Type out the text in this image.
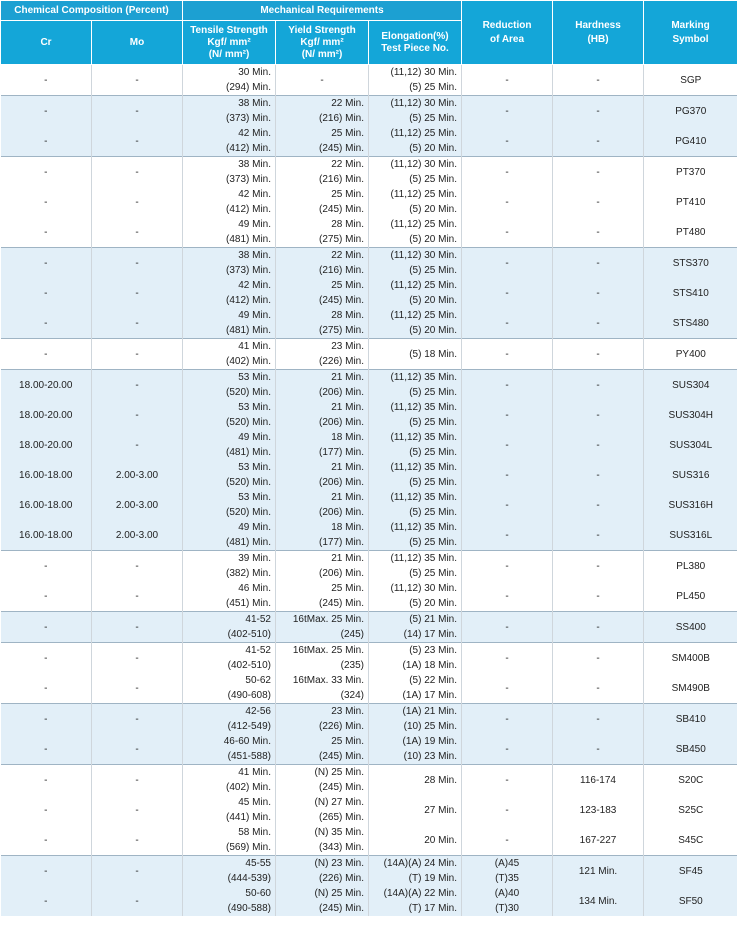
Chemical Composition (Percent)		Mechanical Requirements			Reduction
of Area	Hardness
(HB)	Marking
Symbol

Cr	Mo	Tensile Strength
Kgf/ mm²
(N/ mm²)	Yield Strength
Kgf/ mm²
(N/ mm²)	Elongation(%)
Test Piece No.			

-	-	30 Min.	-	(11,12) 30 Min.	-	-	SGP
		(294) Min.		(5) 25 Min.			
-	-	38 Min.	22 Min.	(11,12) 30 Min.	-	-	PG370
		(373) Min.	(216) Min.	(5) 25 Min.			
-	-	42 Min.	25 Min.	(11,12) 25 Min.	-	-	PG410
		(412) Min.	(245) Min.	(5) 20 Min.			
-	-	38 Min.	22 Min.	(11,12) 30 Min.	-	-	PT370
		(373) Min.	(216) Min.	(5) 25 Min.			
-	-	42 Min.	25 Min.	(11,12) 25 Min.	-	-	PT410
		(412) Min.	(245) Min.	(5) 20 Min.			
-	-	49 Min.	28 Min.	(11,12) 25 Min.	-	-	PT480
		(481) Min.	(275) Min.	(5) 20 Min.			
-	-	38 Min.	22 Min.	(11,12) 30 Min.	-	-	STS370
		(373) Min.	(216) Min.	(5) 25 Min.			
-	-	42 Min.	25 Min.	(11,12) 25 Min.	-	-	STS410
		(412) Min.	(245) Min.	(5) 20 Min.			
-	-	49 Min.	28 Min.	(11,12) 25 Min.	-	-	STS480
		(481) Min.	(275) Min.	(5) 20 Min.			
-	-	41 Min.	23 Min.	(5) 18 Min.	-	-	PY400
		(402) Min.	(226) Min.				
18.00-20.00	-	53 Min.	21 Min.	(11,12) 35 Min.	-	-	SUS304
		(520) Min.	(206) Min.	(5) 25 Min.			
18.00-20.00	-	53 Min.	21 Min.	(11,12) 35 Min.	-	-	SUS304H
		(520) Min.	(206) Min.	(5) 25 Min.			
18.00-20.00	-	49 Min.	18 Min.	(11,12) 35 Min.	-	-	SUS304L
		(481) Min.	(177) Min.	(5) 25 Min.			
16.00-18.00	2.00-3.00	53 Min.	21 Min.	(11,12) 35 Min.	-	-	SUS316
		(520) Min.	(206) Min.	(5) 25 Min.			
16.00-18.00	2.00-3.00	53 Min.	21 Min.	(11,12) 35 Min.	-	-	SUS316H
		(520) Min.	(206) Min.	(5) 25 Min.			
16.00-18.00	2.00-3.00	49 Min.	18 Min.	(11,12) 35 Min.	-	-	SUS316L
		(481) Min.	(177) Min.	(5) 25 Min.			
-	-	39 Min.	21 Min.	(11,12) 35 Min.	-	-	PL380
		(382) Min.	(206) Min.	(5) 25 Min.			
-	-	46 Min.	25 Min.	(11,12) 30 Min.	-	-	PL450
		(451) Min.	(245) Min.	(5) 20 Min.			
-	-	41-52	16tMax. 25 Min.	(5) 21 Min.	-	-	SS400
		(402-510)	(245)	(14) 17 Min.			
-	-	41-52	16tMax. 25 Min.	(5) 23 Min.	-	-	SM400B
		(402-510)	(235)	(1A) 18 Min.			
-	-	50-62	16tMax. 33 Min.	(5) 22 Min.	-	-	SM490B
		(490-608)	(324)	(1A) 17 Min.			
-	-	42-56	23 Min.	(1A) 21 Min.	-	-	SB410
		(412-549)	(226) Min.	(10) 25 Min.			
-	-	46-60 Min.	25 Min.	(1A) 19 Min.	-	-	SB450
		(451-588)	(245) Min.	(10) 23 Min.			
-	-	41 Min.	(N) 25 Min.	28 Min.	-	116-174	S20C
		(402) Min.	(245) Min.				
-	-	45 Min.	(N) 27 Min.	27 Min.	-	123-183	S25C
		(441) Min.	(265) Min.				
-	-	58 Min.	(N) 35 Min.	20 Min.	-	167-227	S45C
		(569) Min.	(343) Min.				
-	-	45-55	(N) 23 Min.	(14A)(A) 24 Min.	(A)45	121 Min.	SF45
		(444-539)	(226) Min.	(T) 19 Min.	(T)35		
-	-	50-60	(N) 25 Min.	(14A)(A) 22 Min.	(A)40	134 Min.	SF50
		(490-588)	(245) Min.	(T) 17 Min.	(T)30		
